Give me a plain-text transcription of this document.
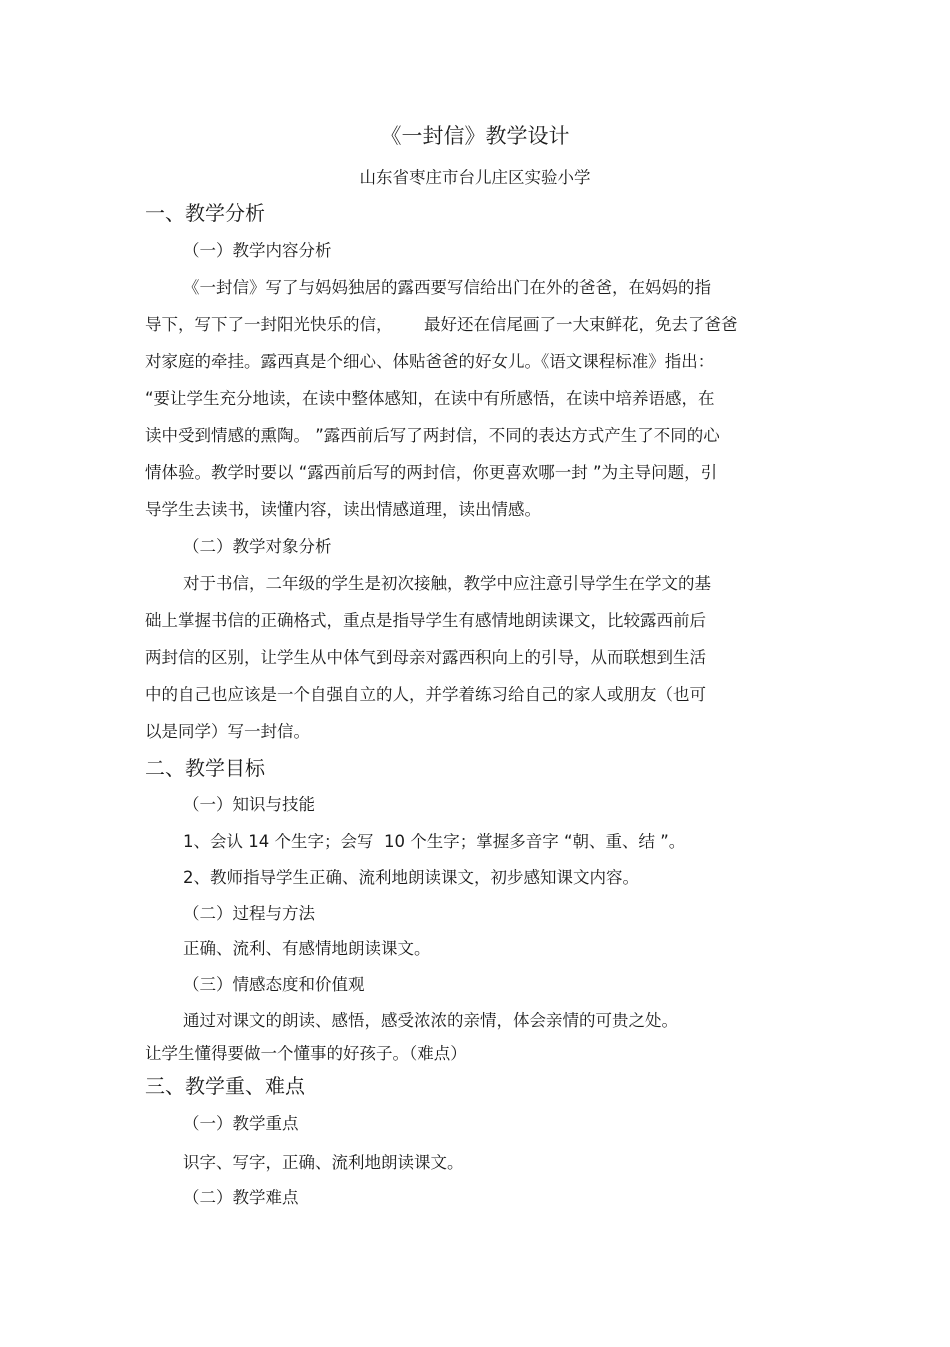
《一封信》教学设计
山东省枣庄市台儿庄区实验小学
一、教学分析
（一）教学内容分析
《一封信》写了与妈妈独居的露西要写信给出门在外的爸爸，在妈妈的指
导下，写下了一封阳光快乐的信，      最好还在信尾画了一大束鲜花，免去了爸爸
对家庭的牵挂。露西真是个细心、体贴爸爸的好女儿。《语文课程标准》指出：
“要让学生充分地读，在读中整体感知，在读中有所感悟，在读中培养语感，在
读中受到情感的熏陶。 ”露西前后写了两封信，不同的表达方式产生了不同的心
情体验。教学时要以 “露西前后写的两封信，你更喜欢哪一封 ”为主导问题，引
导学生去读书，读懂内容，读出情感道理，读出情感。
（二）教学对象分析
对于书信，二年级的学生是初次接触，教学中应注意引导学生在学文的基
础上掌握书信的正确格式，重点是指导学生有感情地朗读课文，比较露西前后
两封信的区别，让学生从中体气到母亲对露西积向上的引导，从而联想到生活
中的自己也应该是一个自强自立的人，并学着练习给自己的家人或朋友（也可
以是同学）写一封信。
二、教学目标
（一）知识与技能
1、会认 14 个生字；会写  10 个生字；掌握多音字 “朝、重、结 ”。
2、教师指导学生正确、流利地朗读课文，初步感知课文内容。
（二）过程与方法
正确、流利、有感情地朗读课文。
（三）情感态度和价值观
通过对课文的朗读、感悟，感受浓浓的亲情，体会亲情的可贵之处。
让学生懂得要做一个懂事的好孩子。（难点）
三、教学重、难点
（一）教学重点
识字、写字，正确、流利地朗读课文。
（二）教学难点
